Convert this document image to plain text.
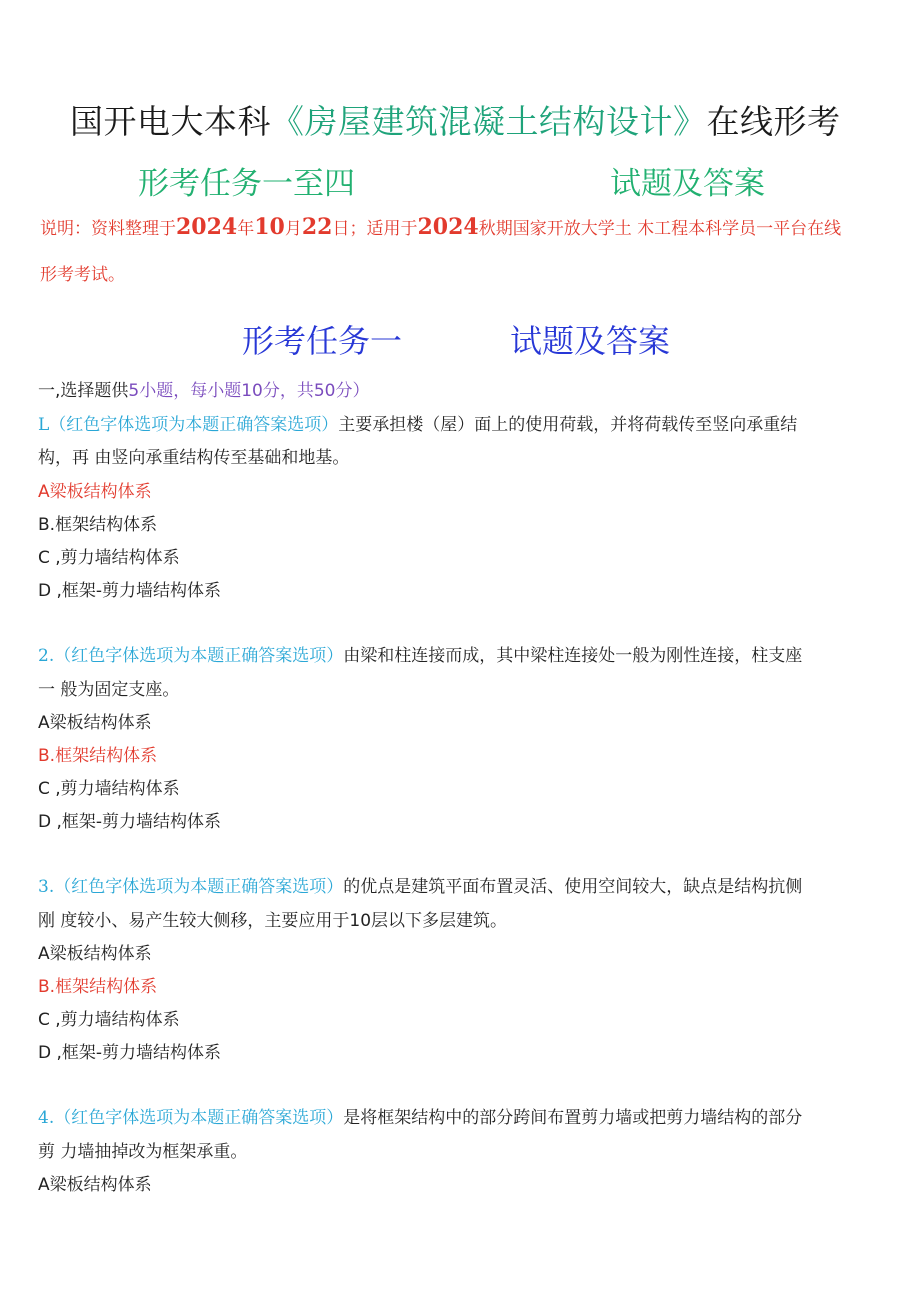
国开电大本科《房屋建筑混凝土结构设计》在线形考
形考任务一至四	试题及答案
说明：资料整理于2024年10月22日；适用于2024秋期国家开放大学土 木工程本科学员一平台在线
形考考试。
形考任务一	试题及答案
一,选择题供5小题，每小题10分，共50分）
L（红色字体选项为本题正确答案选项）主要承担楼（屋）面上的使用荷载，并将荷载传至竖向承重结
构，再 由竖向承重结构传至基础和地基。
A梁板结构体系
B.框架结构体系
C ,剪力墙结构体系
D ,框架-剪力墙结构体系
2.（红色字体选项为本题正确答案选项）由梁和柱连接而成，其中梁柱连接处一般为刚性连接，柱支座
一 般为固定支座。
A梁板结构体系
B.框架结构体系
C ,剪力墙结构体系
D ,框架-剪力墙结构体系
3.（红色字体选项为本题正确答案选项）的优点是建筑平面布置灵活、使用空间较大，缺点是结构抗侧
刚 度较小、易产生较大侧移，主要应用于10层以下多层建筑。
A梁板结构体系
B.框架结构体系
C ,剪力墙结构体系
D ,框架-剪力墙结构体系
4.（红色字体选项为本题正确答案选项）是将框架结构中的部分跨间布置剪力墙或把剪力墙结构的部分
剪 力墙抽掉改为框架承重。
A梁板结构体系
